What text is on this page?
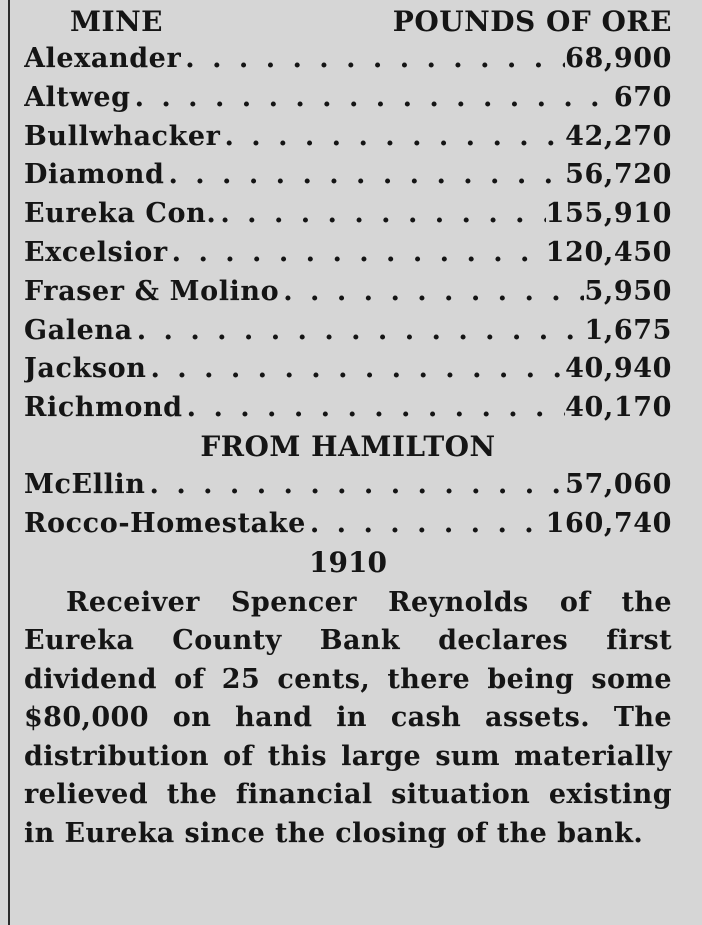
MINE	POUNDS OF ORE
Alexander . . .	68,900
Altweg . . .	670
Bullwhacker . . .	42,270
Diamond . . .	56,720
Eureka Con. . . .	155,910
Excelsior . . .	120,450
Fraser & Molino . . .	5,950
Galena . . .	1,675
Jackson . . .	40,940
Richmond . . .	40,170
FROM HAMILTON
McEllin . . .	57,060
Rocco-Homestake . . .	160,740
1910
Receiver Spencer Reynolds of the Eureka County Bank declares first dividend of 25 cents, there being some $80,000 on hand in cash assets. The distribution of this large sum materially relieved the financial situation existing in Eureka since the closing of the bank.
